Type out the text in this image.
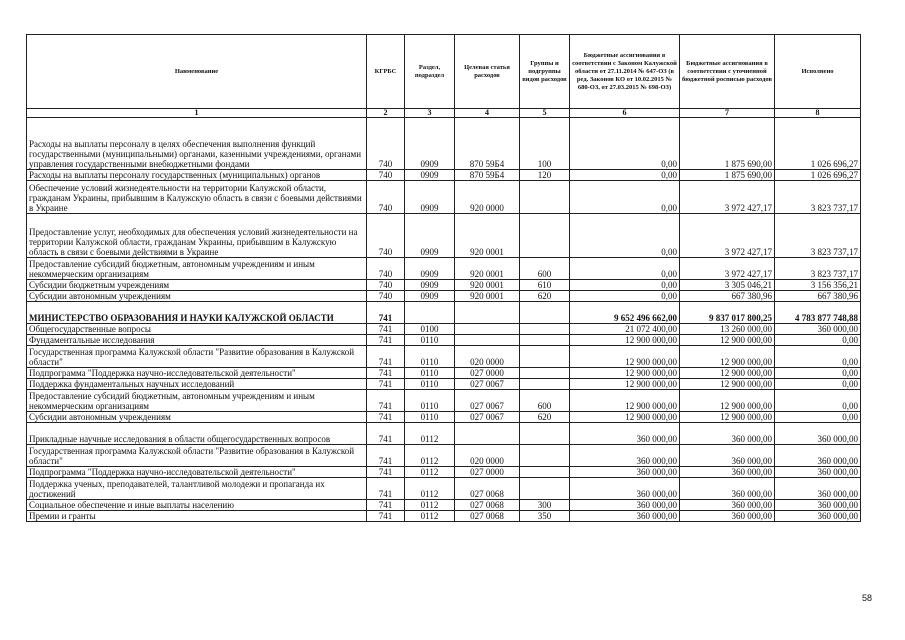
Наименование	КГРБС	Раздел, подраздел	Целевая статья расходов	Группы и подгруппы видов расходов	Бюджетные ассигнования в соответствии с Законом Калужской области от 27.11.2014 № 647-ОЗ (в ред. Законов КО от 10.02.2015 № 680-ОЗ, от 27.03.2015 № 698-ОЗ)	Бюджетные ассигнования в соответствии с уточненной бюджетной росписью расходов	Исполнено
1	2	3	4	5	6	7	8
Расходы на выплаты персоналу в целях обеспечения выполнения функций государственными (муниципальными) органами, казенными учреждениями, органами управления государственными внебюджетными фондами	740	0909	870 59Б4	100	0,00	1 875 690,00	1 026 696,27
Расходы на выплаты персоналу государственных (муниципальных) органов	740	0909	870 59Б4	120	0,00	1 875 690,00	1 026 696,27
Обеспечение условий жизнедеятельности на территории Калужской области, гражданам Украины, прибывшим в Калужскую область в связи с боевыми действиями в Украине	740	0909	920 0000		0,00	3 972 427,17	3 823 737,17
Предоставление услуг, необходимых для обеспечения условий жизнедеятельности на территории Калужской области, гражданам Украины, прибывшим в Калужскую область в связи с боевыми действиями в Украине	740	0909	920 0001		0,00	3 972 427,17	3 823 737,17
Предоставление субсидий бюджетным, автономным учреждениям и иным некоммерческим организациям	740	0909	920 0001	600	0,00	3 972 427,17	3 823 737,17
Субсидии бюджетным учреждениям	740	0909	920 0001	610	0,00	3 305 046,21	3 156 356,21
Субсидии автономным учреждениям	740	0909	920 0001	620	0,00	667 380,96	667 380,96
МИНИСТЕРСТВО ОБРАЗОВАНИЯ И НАУКИ КАЛУЖСКОЙ ОБЛАСТИ	741				9 652 496 662,00	9 837 017 800,25	4 783 877 748,88
Общегосударственные вопросы	741	0100			21 072 400,00	13 260 000,00	360 000,00
Фундаментальные исследования	741	0110			12 900 000,00	12 900 000,00	0,00
Государственная программа Калужской области "Развитие образования в Калужской области"	741	0110	020 0000		12 900 000,00	12 900 000,00	0,00
Подпрограмма "Поддержка научно-исследовательской деятельности"	741	0110	027 0000		12 900 000,00	12 900 000,00	0,00
Поддержка фундаментальных научных исследований	741	0110	027 0067		12 900 000,00	12 900 000,00	0,00
Предоставление субсидий бюджетным, автономным учреждениям и иным некоммерческим организациям	741	0110	027 0067	600	12 900 000,00	12 900 000,00	0,00
Субсидии автономным учреждениям	741	0110	027 0067	620	12 900 000,00	12 900 000,00	0,00
Прикладные научные исследования в области общегосударственных вопросов	741	0112			360 000,00	360 000,00	360 000,00
Государственная программа Калужской области "Развитие образования в Калужской области"	741	0112	020 0000		360 000,00	360 000,00	360 000,00
Подпрограмма "Поддержка научно-исследовательской деятельности"	741	0112	027 0000		360 000,00	360 000,00	360 000,00
Поддержка ученых, преподавателей, талантливой молодежи и пропаганда их достижений	741	0112	027 0068		360 000,00	360 000,00	360 000,00
Социальное обеспечение и иные выплаты населению	741	0112	027 0068	300	360 000,00	360 000,00	360 000,00
Премии и гранты	741	0112	027 0068	350	360 000,00	360 000,00	360 000,00
58
